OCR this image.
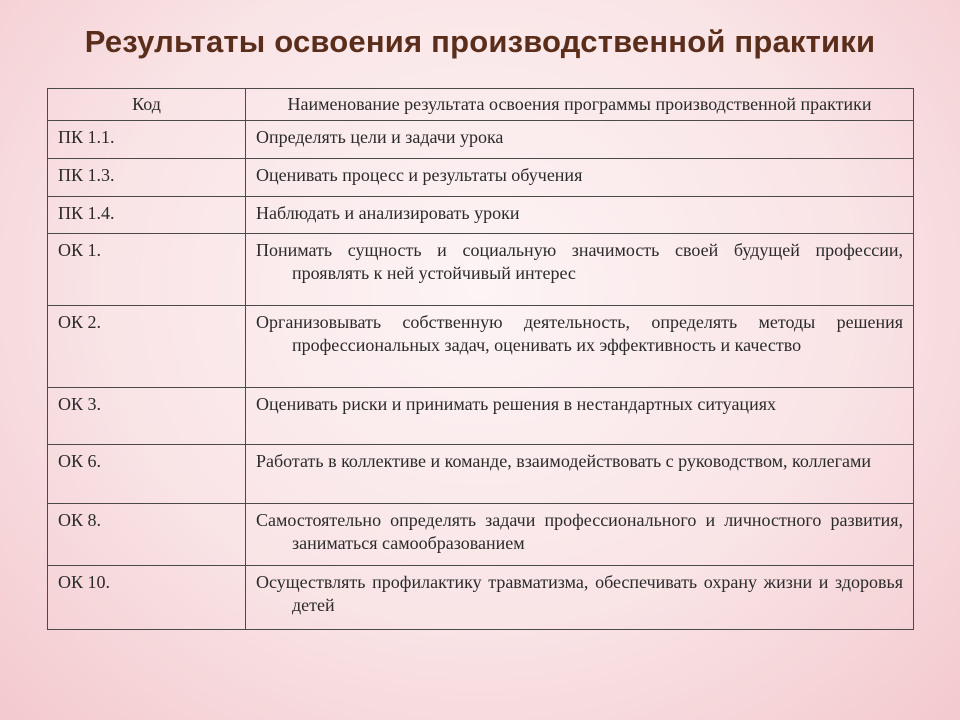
Результаты освоения производственной практики
Код	Наименование результата освоения программы производственной практики
ПК 1.1.	Определять цели и задачи урока

ПК 1.3.	Оценивать процесс и результаты обучения

ПК 1.4.	Наблюдать и анализировать уроки

ОК 1.	Понимать сущность и социальную значимость своей будущей профессии, проявлять к ней устойчивый интерес

ОК 2.	Организовывать собственную деятельность, определять методы решения профессиональных задач, оценивать их эффективность и качество

ОК 3.	Оценивать риски и принимать решения в нестандартных ситуациях

ОК 6.	Работать в коллективе и команде, взаимодействовать с руководством, коллегами

ОК 8.	Самостоятельно определять задачи профессионального и личностного развития, заниматься самообразованием

ОК 10.	Осуществлять профилактику травматизма, обеспечивать охрану жизни и здоровья детей
